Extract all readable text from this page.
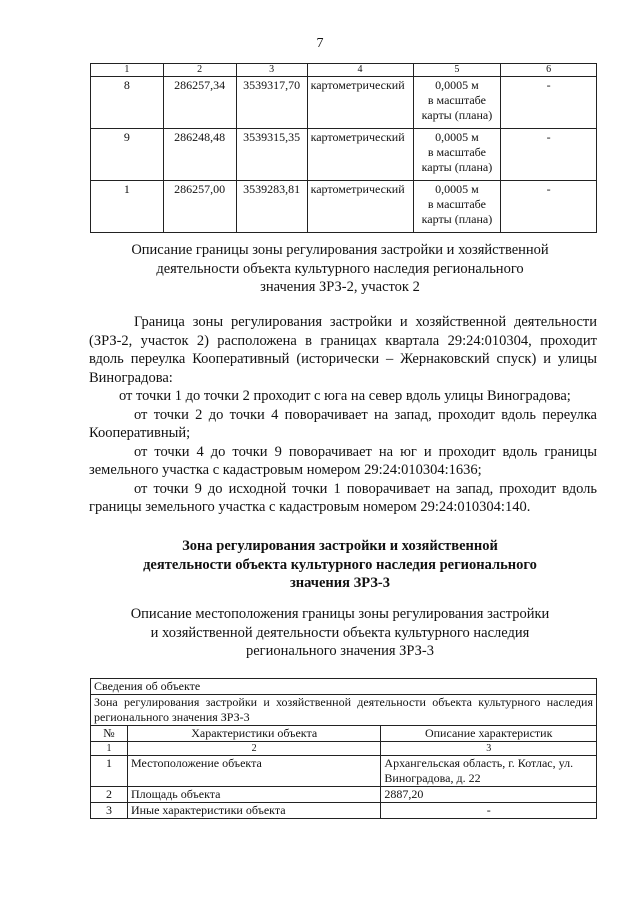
7
1	2	3	4	5	6
8	286257,34	3539317,70	картометрический	0,0005 м
в масштабе
карты (плана)	-
9	286248,48	3539315,35	картометрический	0,0005 м
в масштабе
карты (плана)	-
1	286257,00	3539283,81	картометрический	0,0005 м
в масштабе
карты (плана)	-
Описание границы зоны регулирования застройки и хозяйственной
деятельности объекта культурного наследия регионального
значения ЗРЗ-2, участок 2

Граница зоны регулирования застройки и хозяйственной деятельности (ЗРЗ-2, участок 2) расположена в границах квартала 29:24:010304, проходит вдоль переулка Кооперативный (исторически – Жернаковский спуск) и улицы Виноградова:

от точки 1 до точки 2 проходит с юга на север вдоль улицы Виноградова;

от точки 2 до точки 4 поворачивает на запад, проходит вдоль переулка Кооперативный;

от точки 4 до точки 9 поворачивает на юг и проходит вдоль границы земельного участка с кадастровым номером 29:24:010304:1636;

от точки 9 до исходной точки 1 поворачивает на запад, проходит вдоль границы земельного участка с кадастровым номером 29:24:010304:140.

Зона регулирования застройки и хозяйственной
деятельности объекта культурного наследия регионального
значения ЗРЗ-3
Описание местоположения границы зоны регулирования застройки
и хозяйственной деятельности объекта культурного наследия
регионального значения ЗРЗ-3
Сведения об объекте		
Зона регулирования застройки и хозяйственной деятельности объекта культурного наследия регионального значения ЗРЗ-3		
№	Характеристики объекта	Описание характеристик
1	2	3
1	Местоположение объекта	Архангельская область, г. Котлас, ул. Виноградова, д. 22
2	Площадь объекта	2887,20
3	Иные характеристики объекта	-
